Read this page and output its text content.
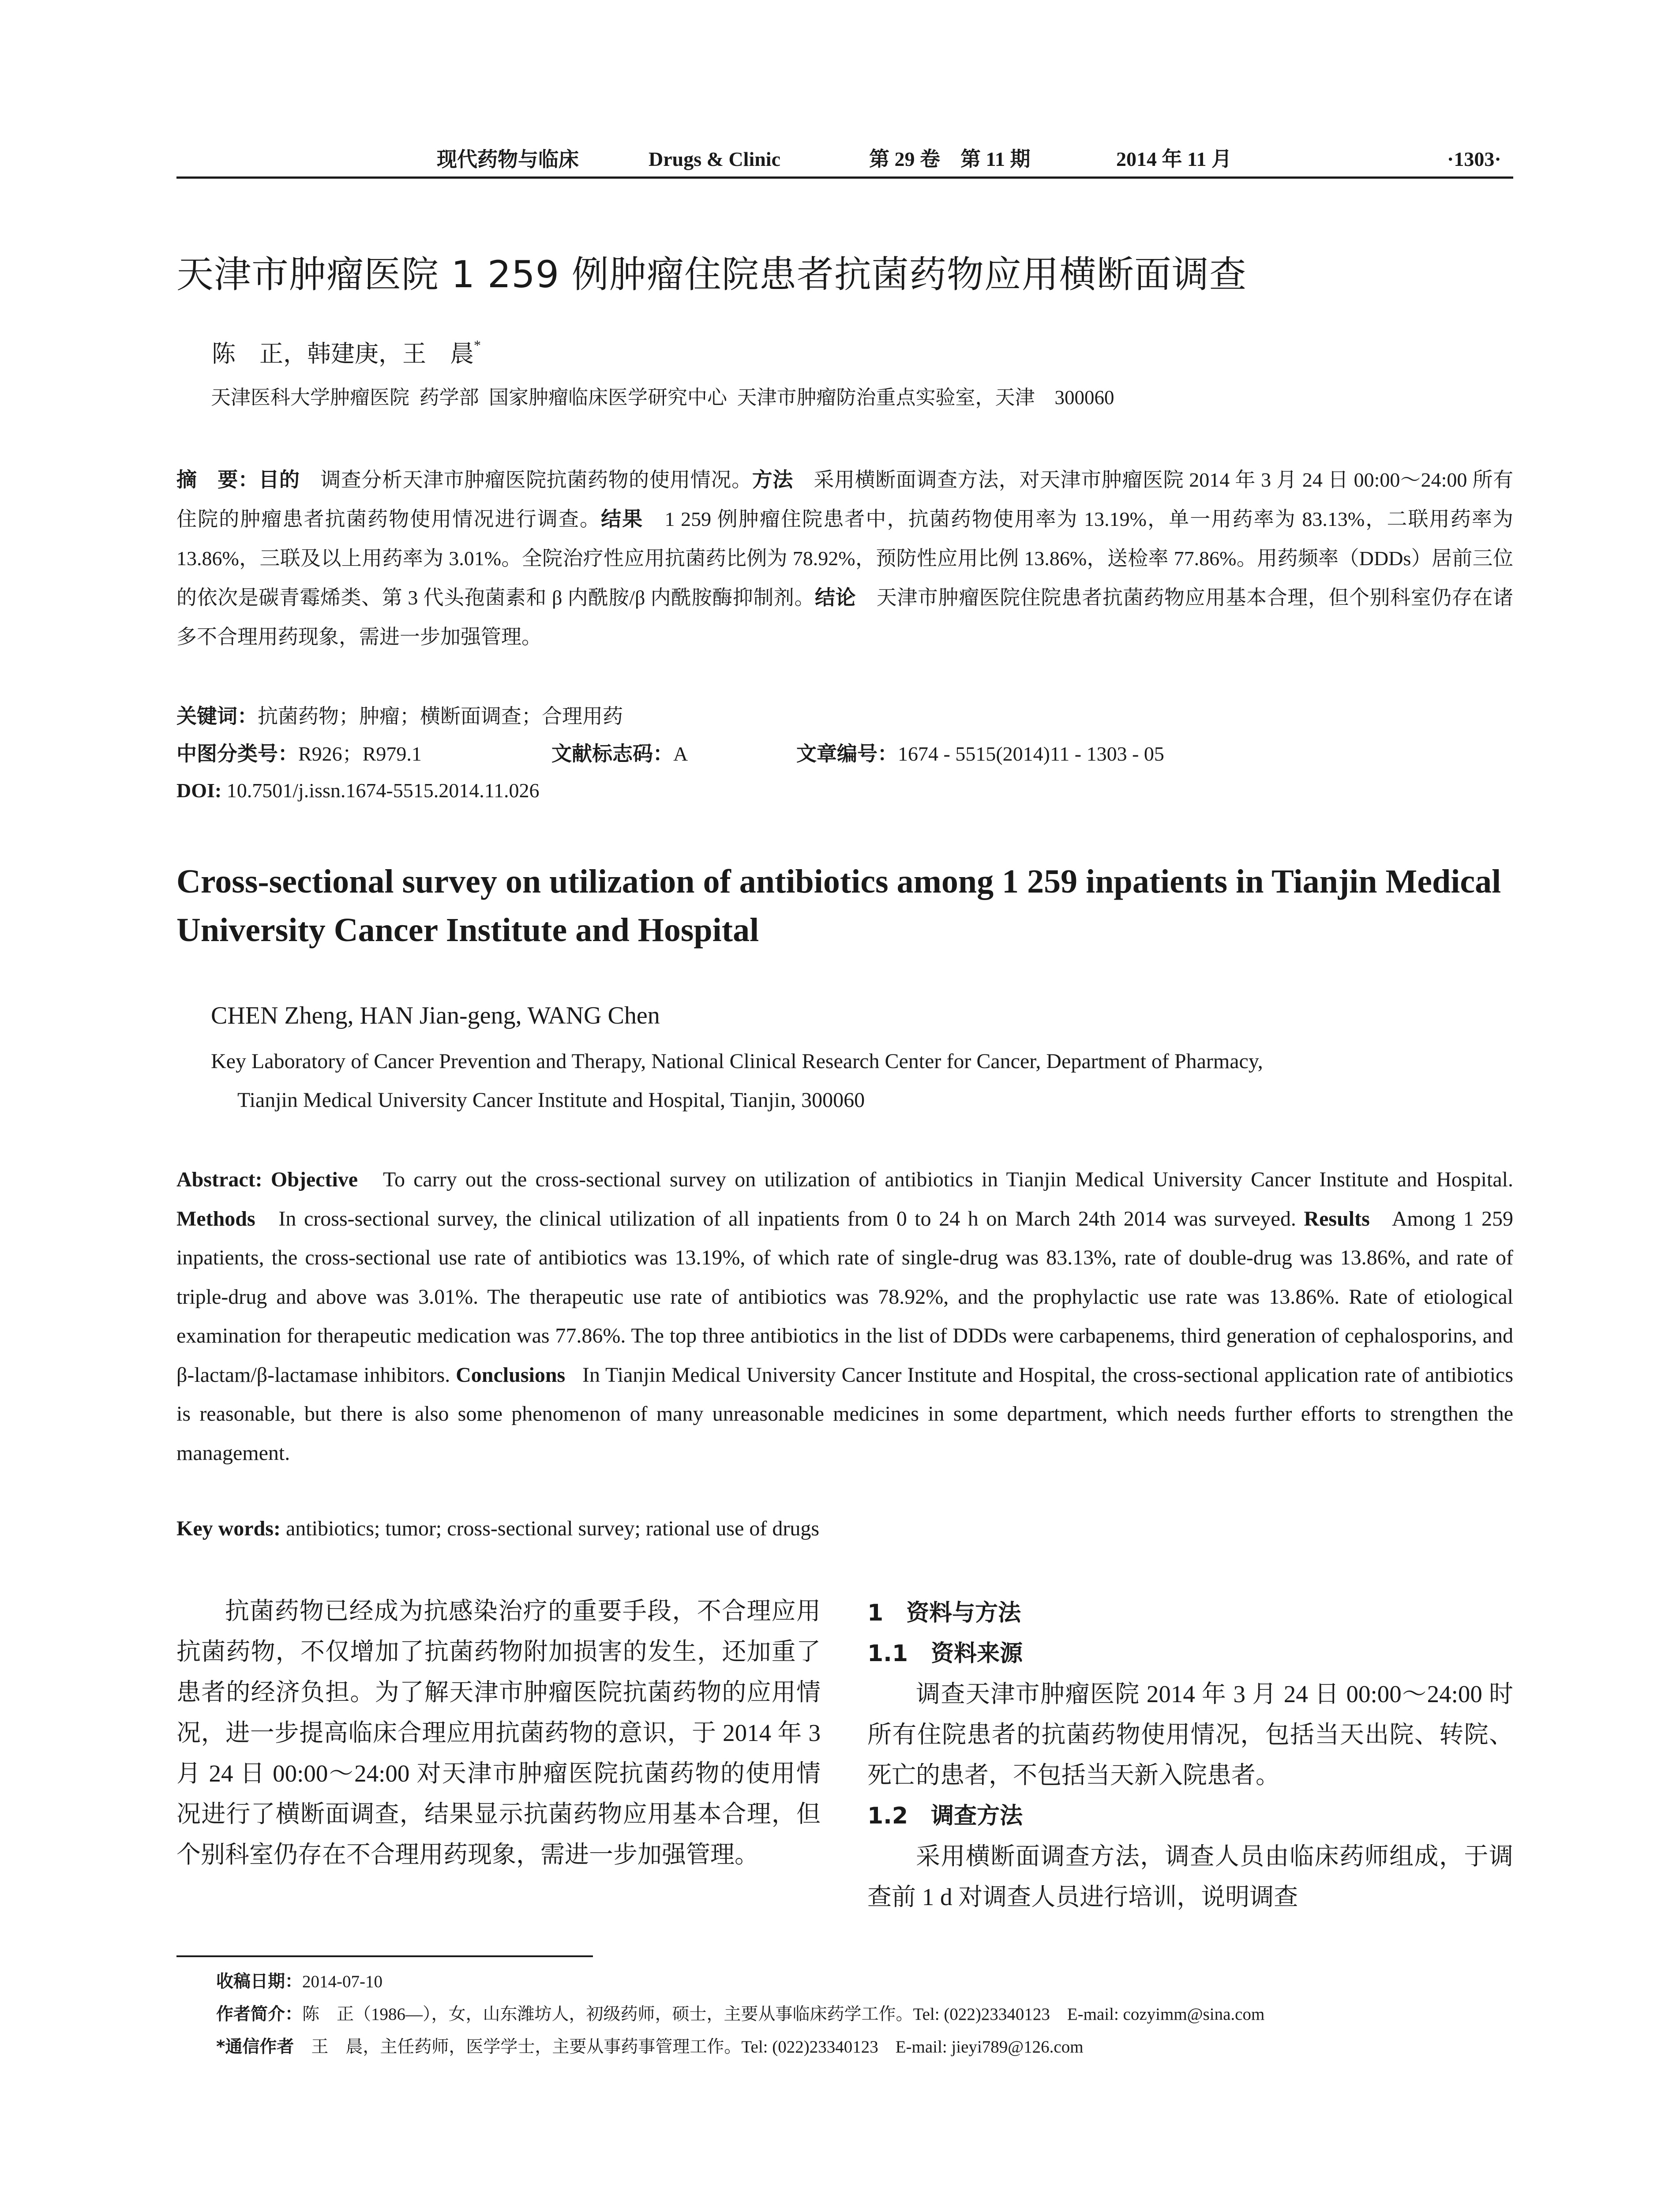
现代药物与临床	Drugs & Clinic	第 29 卷　第 11 期	2014 年 11 月	·1303·
天津市肿瘤医院 1 259 例肿瘤住院患者抗菌药物应用横断面调查
陈　正，韩建庚，王　晨*
天津医科大学肿瘤医院  药学部  国家肿瘤临床医学研究中心  天津市肿瘤防治重点实验室，天津　300060
摘　要：目的　 调查分析天津市肿瘤医院抗菌药物的使用情况。方法　 采用横断面调查方法，对天津市肿瘤医院 2014 年 3 月 24 日 00:00～24:00 所有住院的肿瘤患者抗菌药物使用情况进行调查。结果　 1 259 例肿瘤住院患者中，抗菌药物使用率为 13.19%，单一用药率为 83.13%，二联用药率为 13.86%，三联及以上用药率为 3.01%。全院治疗性应用抗菌药比例为 78.92%，预防性应用比例 13.86%，送检率 77.86%。用药频率（DDDs）居前三位的依次是碳青霉烯类、第 3 代头孢菌素和 β 内酰胺/β 内酰胺酶抑制剂。结论　 天津市肿瘤医院住院患者抗菌药物应用基本合理，但个别科室仍存在诸多不合理用药现象，需进一步加强管理。
关键词：抗菌药物；肿瘤；横断面调查；合理用药

中图分类号：R926；R979.1

	文献标志码：A

	文章编号：1674 - 5515(2014)11 - 1303 - 05

DOI: 10.7501/j.issn.1674-5515.2014.11.026
Cross-sectional survey on utilization of antibiotics among 1 259 inpatients in Tianjin Medical University Cancer Institute and Hospital
CHEN Zheng, HAN Jian-geng, WANG Chen
Key Laboratory of Cancer Prevention and Therapy, National Clinical Research Center for Cancer, Department of Pharmacy,
Tianjin Medical University Cancer Institute and Hospital, Tianjin, 300060
Abstract: Objective To carry out the cross-sectional survey on utilization of antibiotics in Tianjin Medical University Cancer Institute and Hospital. Methods In cross-sectional survey, the clinical utilization of all inpatients from 0 to 24 h on March 24th 2014 was surveyed. Results Among 1 259 inpatients, the cross-sectional use rate of antibiotics was 13.19%, of which rate of single-drug was 83.13%, rate of double-drug was 13.86%, and rate of triple-drug and above was 3.01%. The therapeutic use rate of antibiotics was 78.92%, and the prophylactic use rate was 13.86%. Rate of etiological examination for therapeutic medication was 77.86%. The top three antibiotics in the list of DDDs were carbapenems, third generation of cephalosporins, and β-lactam/β-lactamase inhibitors. Conclusions In Tianjin Medical University Cancer Institute and Hospital, the cross-sectional application rate of antibiotics is reasonable, but there is also some phenomenon of many unreasonable medicines in some department, which needs further efforts to strengthen the management.
Key words: antibiotics; tumor; cross-sectional survey; rational use of drugs

抗菌药物已经成为抗感染治疗的重要手段，不合理应用抗菌药物，不仅增加了抗菌药物附加损害的发生，还加重了患者的经济负担。为了解天津市肿瘤医院抗菌药物的应用情况，进一步提高临床合理应用抗菌药物的意识，于 2014 年 3 月 24 日 00:00～24:00 对天津市肿瘤医院抗菌药物的使用情况进行了横断面调查，结果显示抗菌药物应用基本合理，但个别科室仍存在不合理用药现象，需进一步加强管理。

1　资料与方法

1.1　资料来源

调查天津市肿瘤医院 2014 年 3 月 24 日 00:00～24:00 时所有住院患者的抗菌药物使用情况，包括当天出院、转院、死亡的患者，不包括当天新入院患者。

1.2　调查方法

采用横断面调查方法，调查人员由临床药师组成，于调查前 1 d 对调查人员进行培训，说明调查

收稿日期：2014-07-10

作者简介：陈　正（1986—），女，山东潍坊人，初级药师，硕士，主要从事临床药学工作。Tel: (022)23340123　E-mail: cozyimm@sina.com

*通信作者　 王　晨，主任药师，医学学士，主要从事药事管理工作。Tel: (022)23340123　E-mail: jieyi789@126.com
